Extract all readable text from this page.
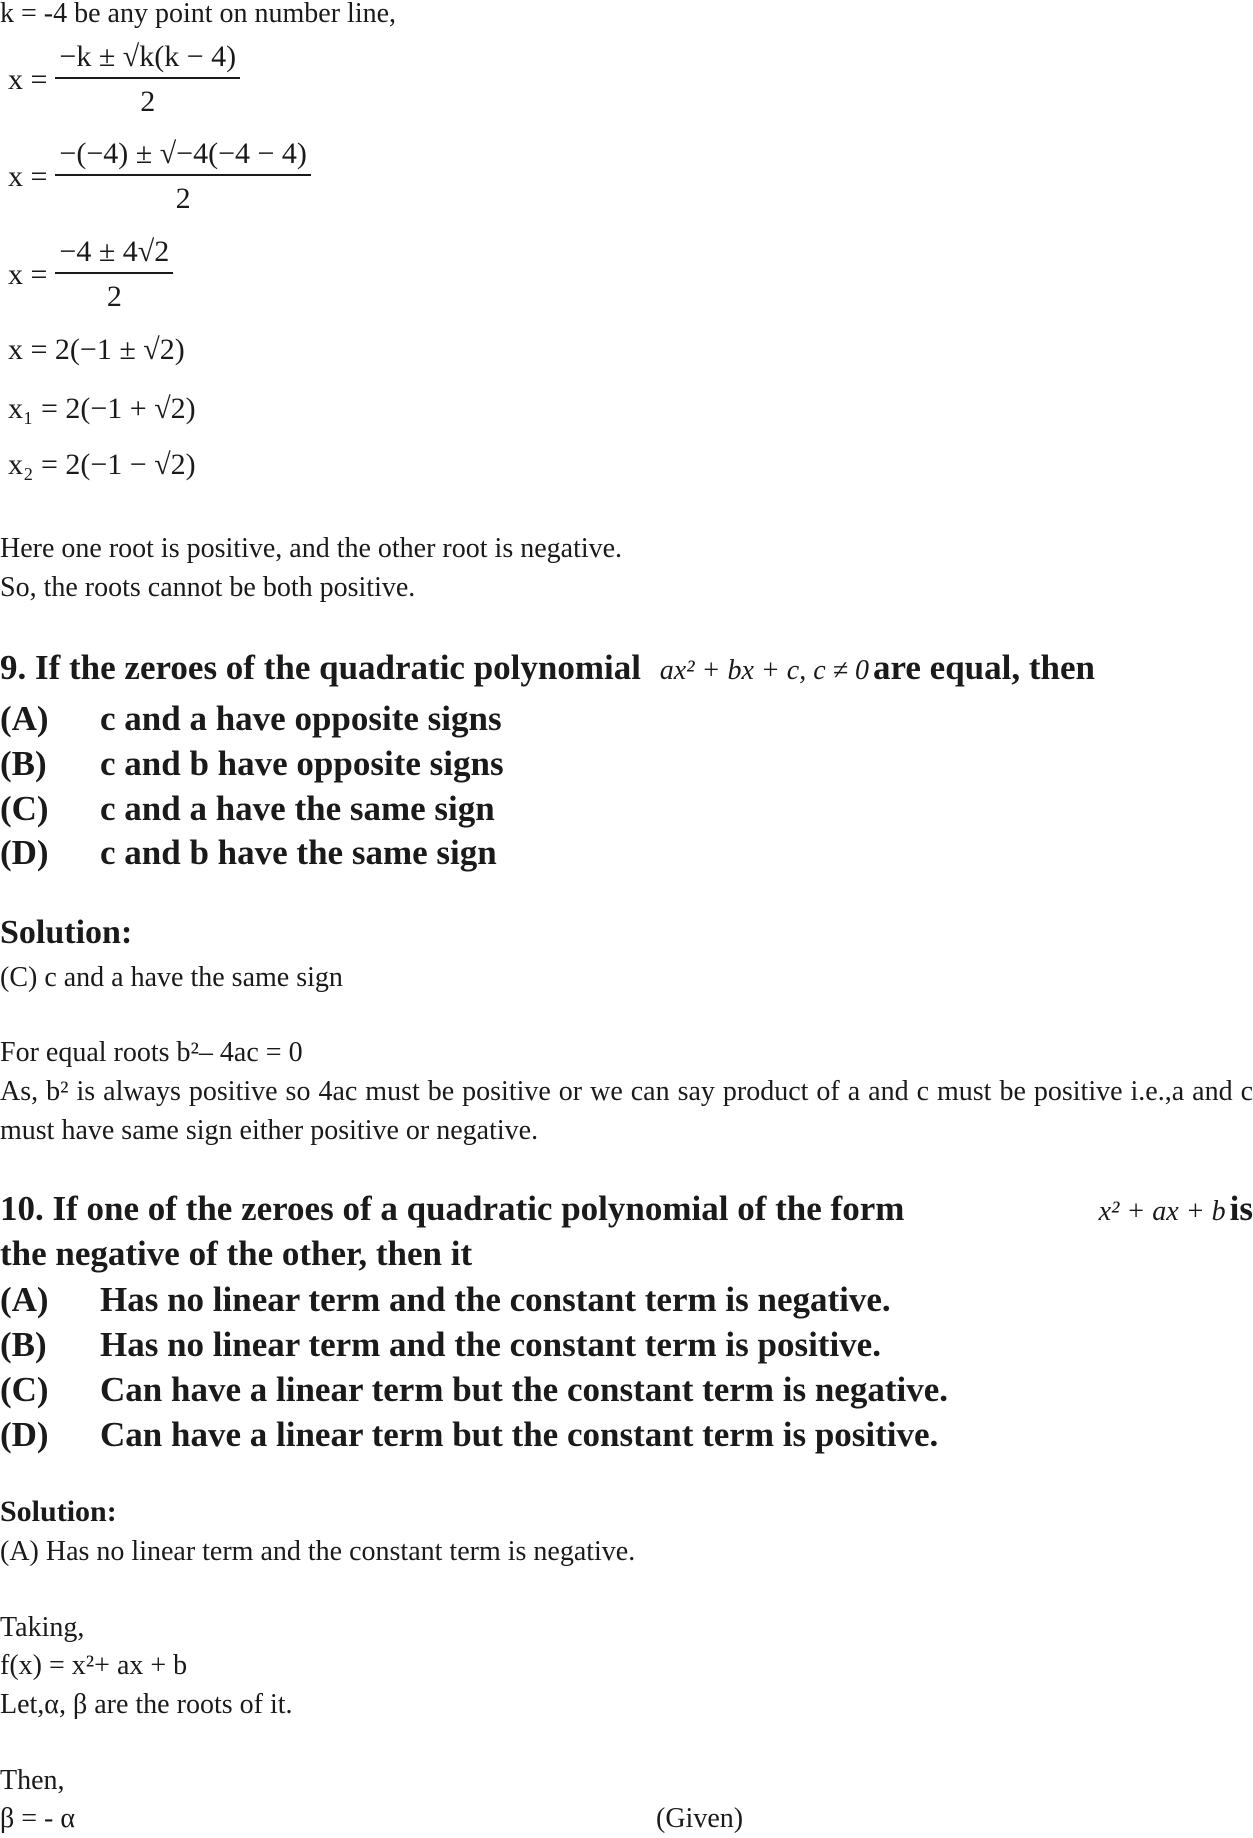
k = -4 be any point on number line,
$x = \frac{-k \pm √k(k - 4)}{2}$
$x = \frac{-(-4) \pm √-4(-4 - 4)}{2}$
$x = \frac{-4 \pm 4√2}{2}$
x = 2(−1 ± √2)
x₁ = 2(−1 + √2)
x₂ = 2(−1 − √2)
Here one root is positive, and the other root is negative.
So, the roots cannot be both positive.
9. If the zeroes of the quadratic polynomial ax² + bx + c, c ≠ 0 are equal, then
(A) c and a have opposite signs
(B) c and b have opposite signs
(C) c and a have the same sign
(D) c and b have the same sign
Solution:
(C) c and a have the same sign
For equal roots b²– 4ac = 0
As, b² is always positive so 4ac must be positive or we can say product of a and c must be positive i.e.,a and c must have same sign either positive or negative.
10. If one of the zeroes of a quadratic polynomial of the form	x² + ax + b is
the negative of the other, then it
(A) Has no linear term and the constant term is negative.
(B) Has no linear term and the constant term is positive.
(C) Can have a linear term but the constant term is negative.
(D) Can have a linear term but the constant term is positive.
Solution:
(A) Has no linear term and the constant term is negative.
Taking,
f(x) = x²+ ax + b
Let,α, β are the roots of it.
Then,
β = - α	(Given)
